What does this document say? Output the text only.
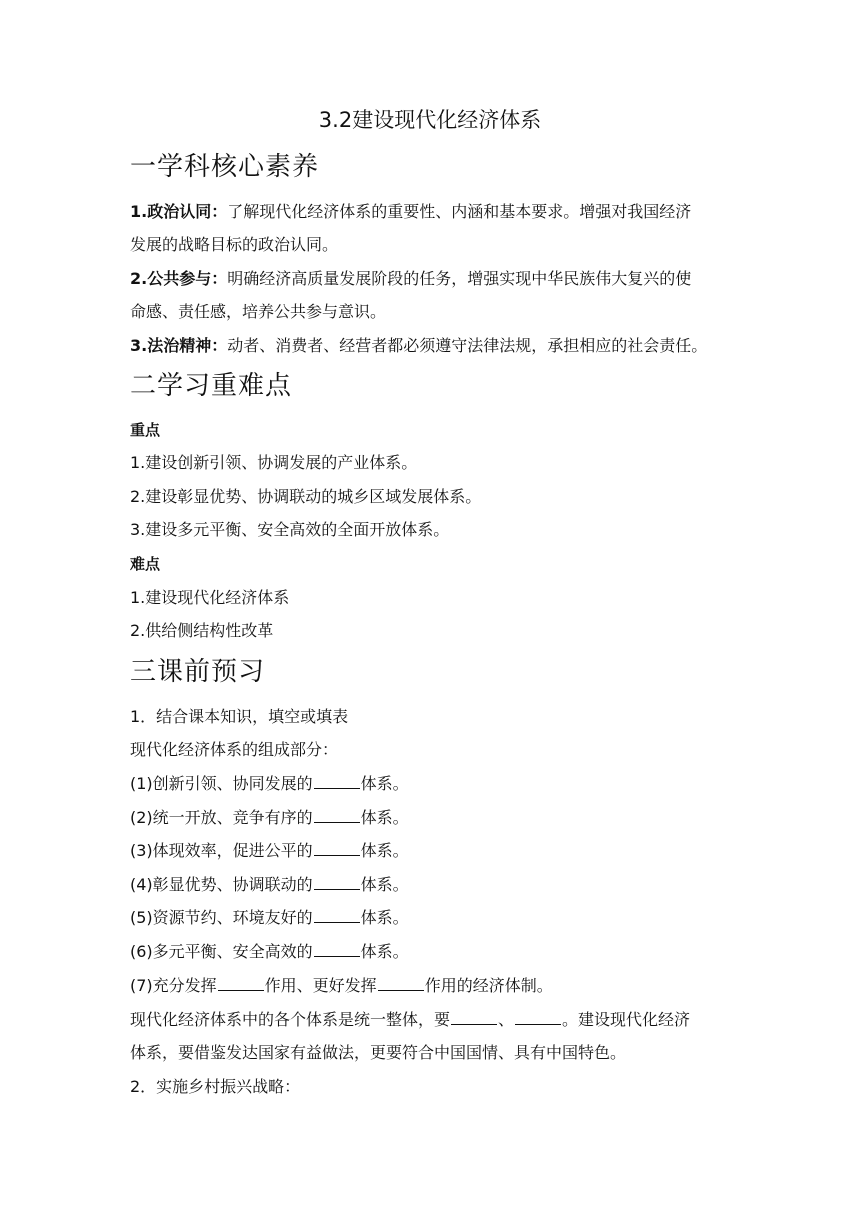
3.2建设现代化经济体系
一学科核心素养
1.政治认同：了解现代化经济体系的重要性、内涵和基本要求。增强对我国经济
发展的战略目标的政治认同。
2.公共参与：明确经济高质量发展阶段的任务，增强实现中华民族伟大复兴的使
命感、责任感，培养公共参与意识。
3.法治精神：动者、消费者、经营者都必须遵守法律法规，承担相应的社会责任。
二学习重难点
重点
1.建设创新引领、协调发展的产业体系。
2.建设彰显优势、协调联动的城乡区域发展体系。
3.建设多元平衡、安全高效的全面开放体系。
难点
1.建设现代化经济体系
2.供给侧结构性改革
三课前预习
1．结合课本知识，填空或填表
现代化经济体系的组成部分：
(1)创新引领、协同发展的	体系。
(2)统一开放、竞争有序的	体系。
(3)体现效率，促进公平的	体系。
(4)彰显优势、协调联动的	体系。
(5)资源节约、环境友好的	体系。
(6)多元平衡、安全高效的	体系。
(7)充分发挥	作用、更好发挥	作用的经济体制。
现代化经济体系中的各个体系是统一整体，要	、	。建设现代化经济
体系，要借鉴发达国家有益做法，更要符合中国国情、具有中国特色。
2．实施乡村振兴战略：
